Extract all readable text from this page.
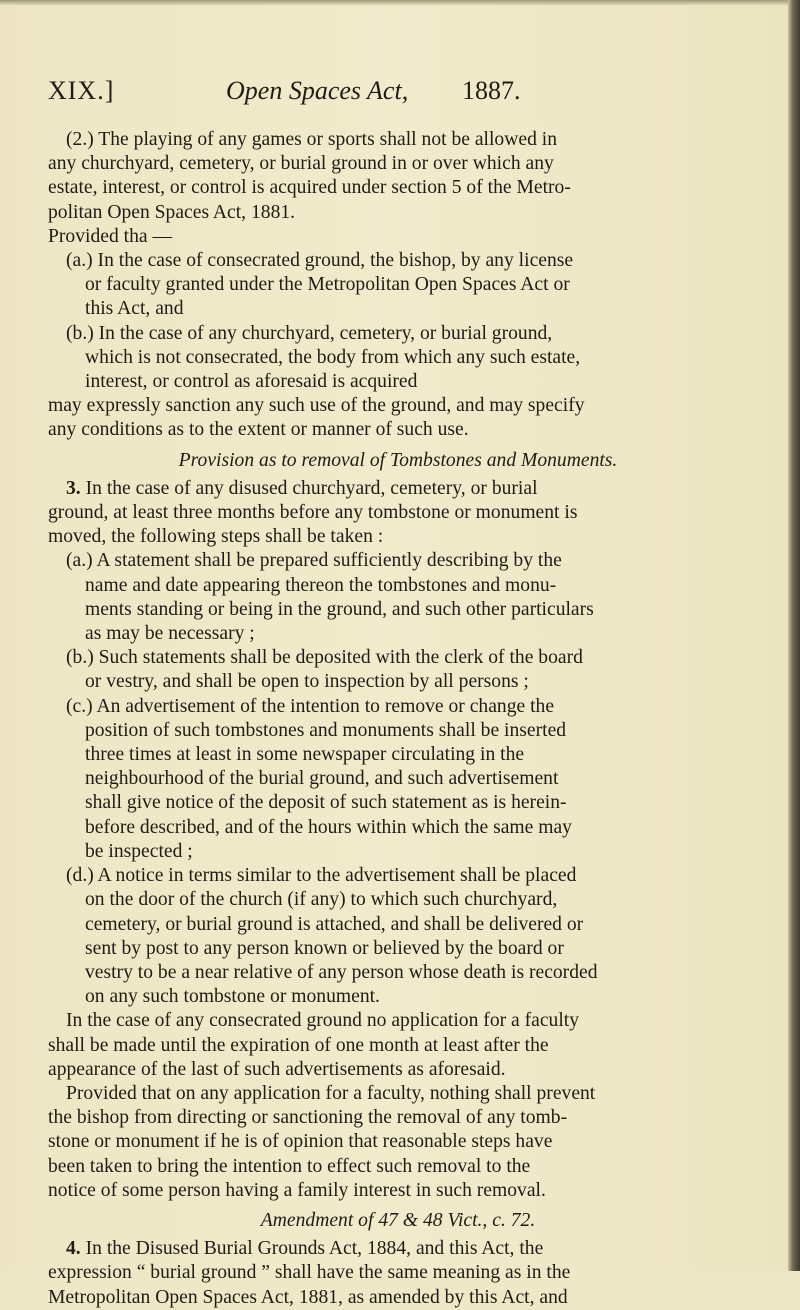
XIX.]	Open Spaces Act, 1887.
(2.) The playing of any games or sports shall not be allowed in
any churchyard, cemetery, or burial ground in or over which any
estate, interest, or control is acquired under section 5 of the Metro-
politan Open Spaces Act, 1881.
Provided tha —
(a.) In the case of consecrated ground, the bishop, by any license
or faculty granted under the Metropolitan Open Spaces Act or
this Act, and
(b.) In the case of any churchyard, cemetery, or burial ground,
which is not consecrated, the body from which any such estate,
interest, or control as aforesaid is acquired
may expressly sanction any such use of the ground, and may specify
any conditions as to the extent or manner of such use.
Provision as to removal of Tombstones and Monuments.
3. In the case of any disused churchyard, cemetery, or burial
ground, at least three months before any tombstone or monument is
moved, the following steps shall be taken :
(a.) A statement shall be prepared sufficiently describing by the
name and date appearing thereon the tombstones and monu-
ments standing or being in the ground, and such other particulars
as may be necessary ;
(b.) Such statements shall be deposited with the clerk of the board
or vestry, and shall be open to inspection by all persons ;
(c.) An advertisement of the intention to remove or change the
position of such tombstones and monuments shall be inserted
three times at least in some newspaper circulating in the
neighbourhood of the burial ground, and such advertisement
shall give notice of the deposit of such statement as is herein-
before described, and of the hours within which the same may
be inspected ;
(d.) A notice in terms similar to the advertisement shall be placed
on the door of the church (if any) to which such churchyard,
cemetery, or burial ground is attached, and shall be delivered or
sent by post to any person known or believed by the board or
vestry to be a near relative of any person whose death is recorded
on any such tombstone or monument.
In the case of any consecrated ground no application for a faculty
shall be made until the expiration of one month at least after the
appearance of the last of such advertisements as aforesaid.
Provided that on any application for a faculty, nothing shall prevent
the bishop from directing or sanctioning the removal of any tomb-
stone or monument if he is of opinion that reasonable steps have
been taken to bring the intention to effect such removal to the
notice of some person having a family interest in such removal.
Amendment of 47 & 48 Vict., c. 72.
4. In the Disused Burial Grounds Act, 1884, and this Act, the
expression “ burial ground ” shall have the same meaning as in the
Metropolitan Open Spaces Act, 1881, as amended by this Act, and
